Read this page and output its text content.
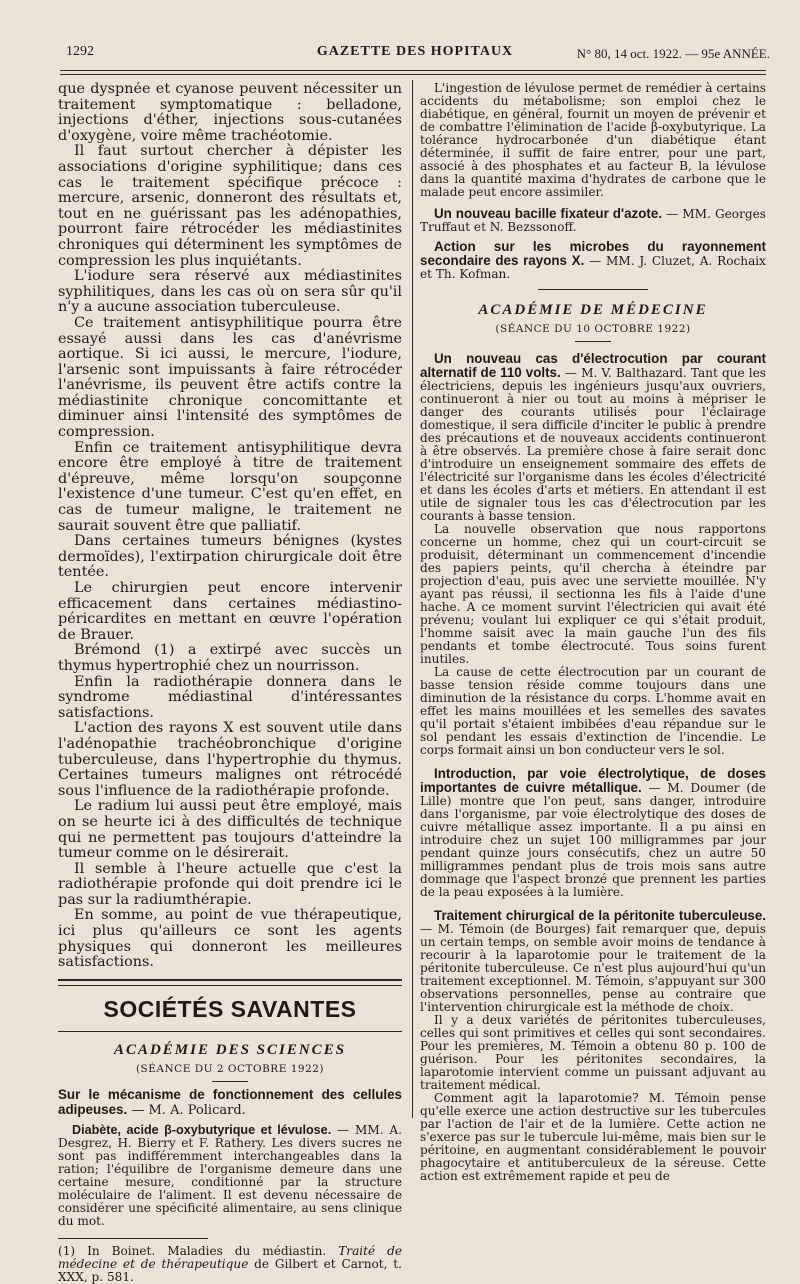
1292	GAZETTE DES HOPITAUX	N° 80, 14 oct. 1922. — 95e ANNÉE.

que dyspnée et cyanose peuvent nécessiter un traitement symptomatique : belladone, injections d'éther, injections sous-cutanées d'oxygène, voire même trachéotomie.

Il faut surtout chercher à dépister les associations d'origine syphilitique; dans ces cas le traitement spécifique précoce : mercure, arsenic, donneront des résultats et, tout en ne guérissant pas les adénopathies, pourront faire rétrocéder les médiastinites chroniques qui déterminent les symptômes de compression les plus inquiétants.

L'iodure sera réservé aux médiastinites syphilitiques, dans les cas où on sera sûr qu'il n'y a aucune association tuberculeuse.

Ce traitement antisyphilitique pourra être essayé aussi dans les cas d'anévrisme aortique. Si ici aussi, le mercure, l'iodure, l'arsenic sont impuissants à faire rétrocéder l'anévrisme, ils peuvent être actifs contre la médiastinite chronique concomittante et diminuer ainsi l'intensité des symptômes de compression.

Enfin ce traitement antisyphilitique devra encore être employé à titre de traitement d'épreuve, même lorsqu'on soupçonne l'existence d'une tumeur. C'est qu'en effet, en cas de tumeur maligne, le traitement ne saurait souvent être que palliatif.

Dans certaines tumeurs bénignes (kystes dermoïdes), l'extirpation chirurgicale doit être tentée.

Le chirurgien peut encore intervenir efficacement dans certaines médiastino-péricardites en mettant en œuvre l'opération de Brauer.

Brémond (1) a extirpé avec succès un thymus hypertrophié chez un nourrisson.

Enfin la radiothérapie donnera dans le syndrome médiastinal d'intéressantes satisfactions.

L'action des rayons X est souvent utile dans l'adénopathie trachéobronchique d'origine tuberculeuse, dans l'hypertrophie du thymus. Certaines tumeurs malignes ont rétrocédé sous l'influence de la radiothérapie profonde.

Le radium lui aussi peut être employé, mais on se heurte ici à des difficultés de technique qui ne permettent pas toujours d'atteindre la tumeur comme on le désirerait.

Il semble à l'heure actuelle que c'est la radiothérapie profonde qui doit prendre ici le pas sur la radiumthérapie.

En somme, au point de vue thérapeutique, ici plus qu'ailleurs ce sont les agents physiques qui donneront les meilleures satisfactions.

SOCIÉTÉS SAVANTES
ACADÉMIE DES SCIENCES
(SÉANCE DU 2 OCTOBRE 1922)

Sur le mécanisme de fonctionnement des cellules adipeuses. — M. A. Policard.

Diabète, acide β-oxybutyrique et lévulose. — MM. A. Desgrez, H. Bierry et F. Rathery. Les divers sucres ne sont pas indifféremment interchangeables dans la ration; l'équilibre de l'organisme demeure dans une certaine mesure, conditionné par la structure moléculaire de l'aliment. Il est devenu nécessaire de considérer une spécificité alimentaire, au sens clinique du mot.

(1) In Boinet. Maladies du médiastin. Traité de médecine et de thérapeutique de Gilbert et Carnot, t. XXX, p. 581.

L'ingestion de lévulose permet de remédier à certains accidents du métabolisme; son emploi chez le diabétique, en général, fournit un moyen de prévenir et de combattre l'élimination de l'acide β-oxybutyrique. La tolérance hydrocarbonée d'un diabétique étant déterminée, il suffit de faire entrer, pour une part, associé à des phosphates et au facteur B, la lévulose dans la quantité maxima d'hydrates de carbone que le malade peut encore assimiler.

Un nouveau bacille fixateur d'azote. — MM. Georges Truffaut et N. Bezssonoff.

Action sur les microbes du rayonnement secondaire des rayons X. — MM. J. Cluzet, A. Rochaix et Th. Kofman.

ACADÉMIE DE MÉDECINE
(SÉANCE DU 10 OCTOBRE 1922)

Un nouveau cas d'électrocution par courant alternatif de 110 volts. — M. V. Balthazard. Tant que les électriciens, depuis les ingénieurs jusqu'aux ouvriers, continueront à nier ou tout au moins à mépriser le danger des courants utilisés pour l'éclairage domestique, il sera difficile d'inciter le public à prendre des précautions et de nouveaux accidents continueront à être observés. La première chose à faire serait donc d'introduire un enseignement sommaire des effets de l'électricité sur l'organisme dans les écoles d'électricité et dans les écoles d'arts et métiers. En attendant il est utile de signaler tous les cas d'électrocution par les courants à basse tension.

La nouvelle observation que nous rapportons concerne un homme, chez qui un court-circuit se produisit, déterminant un commencement d'incendie des papiers peints, qu'il chercha à éteindre par projection d'eau, puis avec une serviette mouillée. N'y ayant pas réussi, il sectionna les fils à l'aide d'une hache. A ce moment survint l'électricien qui avait été prévenu; voulant lui expliquer ce qui s'était produit, l'homme saisit avec la main gauche l'un des fils pendants et tombe électrocuté. Tous soins furent inutiles.

La cause de cette électrocution par un courant de basse tension réside comme toujours dans une diminution de la résistance du corps. L'homme avait en effet les mains mouillées et les semelles des savates qu'il portait s'étaient imbibées d'eau répandue sur le sol pendant les essais d'extinction de l'incendie. Le corps formait ainsi un bon conducteur vers le sol.

Introduction, par voie électrolytique, de doses importantes de cuivre métallique. — M. Doumer (de Lille) montre que l'on peut, sans danger, introduire dans l'organisme, par voie électrolytique des doses de cuivre métallique assez importante. Il a pu ainsi en introduire chez un sujet 100 milligrammes par jour pendant quinze jours consécutifs, chez un autre 50 milligrammes pendant plus de trois mois sans autre dommage que l'aspect bronzé que prennent les parties de la peau exposées à la lumière.

Traitement chirurgical de la péritonite tuberculeuse. — M. Témoin (de Bourges) fait remarquer que, depuis un certain temps, on semble avoir moins de tendance à recourir à la laparotomie pour le traitement de la péritonite tuberculeuse. Ce n'est plus aujourd'hui qu'un traitement exceptionnel. M. Témoin, s'appuyant sur 300 observations personnelles, pense au contraire que l'intervention chirurgicale est la méthode de choix.

Il y a deux variétés de péritonites tuberculeuses, celles qui sont primitives et celles qui sont secondaires. Pour les premières, M. Témoin a obtenu 80 p. 100 de guérison. Pour les péritonites secondaires, la laparotomie intervient comme un puissant adjuvant au traitement médical.

Comment agit la laparotomie? M. Témoin pense qu'elle exerce une action destructive sur les tubercules par l'action de l'air et de la lumière. Cette action ne s'exerce pas sur le tubercule lui-même, mais bien sur le péritoine, en augmentant considérablement le pouvoir phagocytaire et antituberculeux de la séreuse. Cette action est extrêmement rapide et peu de
